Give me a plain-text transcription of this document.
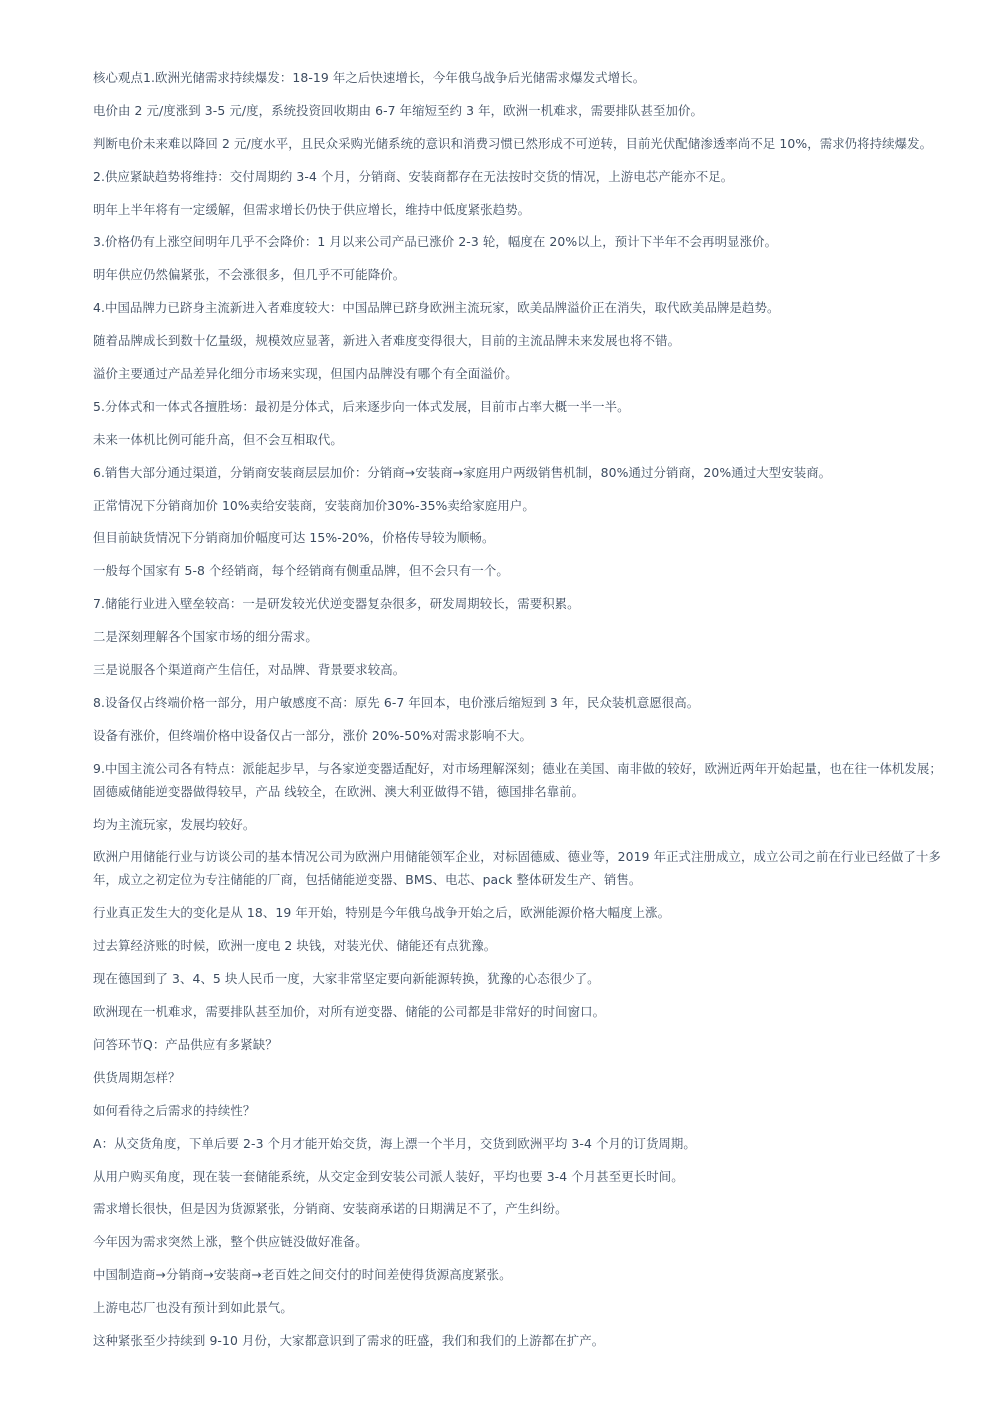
核心观点1.欧洲光储需求持续爆发：18-19 年之后快速增长，今年俄乌战争后光储需求爆发式增长。

电价由 2 元/度涨到 3-5 元/度，系统投资回收期由 6-7 年缩短至约 3 年，欧洲一机难求，需要排队甚至加价。

判断电价未来难以降回 2 元/度水平，且民众采购光储系统的意识和消费习惯已然形成不可逆转，目前光伏配储渗透率尚不足 10%，需求仍将持续爆发。

2.供应紧缺趋势将维持：交付周期约 3-4 个月，分销商、安装商都存在无法按时交货的情况，上游电芯产能亦不足。

明年上半年将有一定缓解，但需求增长仍快于供应增长，维持中低度紧张趋势。

3.价格仍有上涨空间明年几乎不会降价：1 月以来公司产品已涨价 2-3 轮，幅度在 20%以上，预计下半年不会再明显涨价。

明年供应仍然偏紧张，不会涨很多，但几乎不可能降价。

4.中国品牌力已跻身主流新进入者难度较大：中国品牌已跻身欧洲主流玩家，欧美品牌溢价正在消失，取代欧美品牌是趋势。

随着品牌成长到数十亿量级，规模效应显著，新进入者难度变得很大，目前的主流品牌未来发展也将不错。

溢价主要通过产品差异化细分市场来实现，但国内品牌没有哪个有全面溢价。

5.分体式和一体式各擅胜场：最初是分体式，后来逐步向一体式发展，目前市占率大概一半一半。

未来一体机比例可能升高，但不会互相取代。

6.销售大部分通过渠道，分销商安装商层层加价：分销商→安装商→家庭用户两级销售机制，80%通过分销商，20%通过大型安装商。

正常情况下分销商加价 10%卖给安装商，安装商加价30%-35%卖给家庭用户。

但目前缺货情况下分销商加价幅度可达 15%-20%，价格传导较为顺畅。

一般每个国家有 5-8 个经销商，每个经销商有侧重品牌，但不会只有一个。

7.储能行业进入壁垒较高：一是研发较光伏逆变器复杂很多，研发周期较长，需要积累。

二是深刻理解各个国家市场的细分需求。

三是说服各个渠道商产生信任，对品牌、背景要求较高。

8.设备仅占终端价格一部分，用户敏感度不高：原先 6-7 年回本，电价涨后缩短到 3 年，民众装机意愿很高。

设备有涨价，但终端价格中设备仅占一部分，涨价 20%-50%对需求影响不大。

9.中国主流公司各有特点：派能起步早，与各家逆变器适配好，对市场理解深刻；德业在美国、南非做的较好，欧洲近两年开始起量，也在往一体机发展；固德威储能逆变器做得较早，产品 线较全，在欧洲、澳大利亚做得不错，德国排名靠前。

均为主流玩家，发展均较好。

欧洲户用储能行业与访谈公司的基本情况公司为欧洲户用储能领军企业，对标固德威、德业等，2019 年正式注册成立，成立公司之前在行业已经做了十多年，成立之初定位为专注储能的厂商，包括储能逆变器、BMS、电芯、pack 整体研发生产、销售。

行业真正发生大的变化是从 18、19 年开始，特别是今年俄乌战争开始之后，欧洲能源价格大幅度上涨。

过去算经济账的时候，欧洲一度电 2 块钱，对装光伏、储能还有点犹豫。

现在德国到了 3、4、5 块人民币一度，大家非常坚定要向新能源转换，犹豫的心态很少了。

欧洲现在一机难求，需要排队甚至加价，对所有逆变器、储能的公司都是非常好的时间窗口。

问答环节Q：产品供应有多紧缺？

供货周期怎样？

如何看待之后需求的持续性？

A：从交货角度，下单后要 2-3 个月才能开始交货，海上漂一个半月，交货到欧洲平均 3-4 个月的订货周期。

从用户购买角度，现在装一套储能系统，从交定金到安装公司派人装好，平均也要 3-4 个月甚至更长时间。

需求增长很快，但是因为货源紧张，分销商、安装商承诺的日期满足不了，产生纠纷。

今年因为需求突然上涨，整个供应链没做好准备。

中国制造商→分销商→安装商→老百姓之间交付的时间差使得货源高度紧张。

上游电芯厂也没有预计到如此景气。

这种紧张至少持续到 9-10 月份，大家都意识到了需求的旺盛，我们和我们的上游都在扩产。
